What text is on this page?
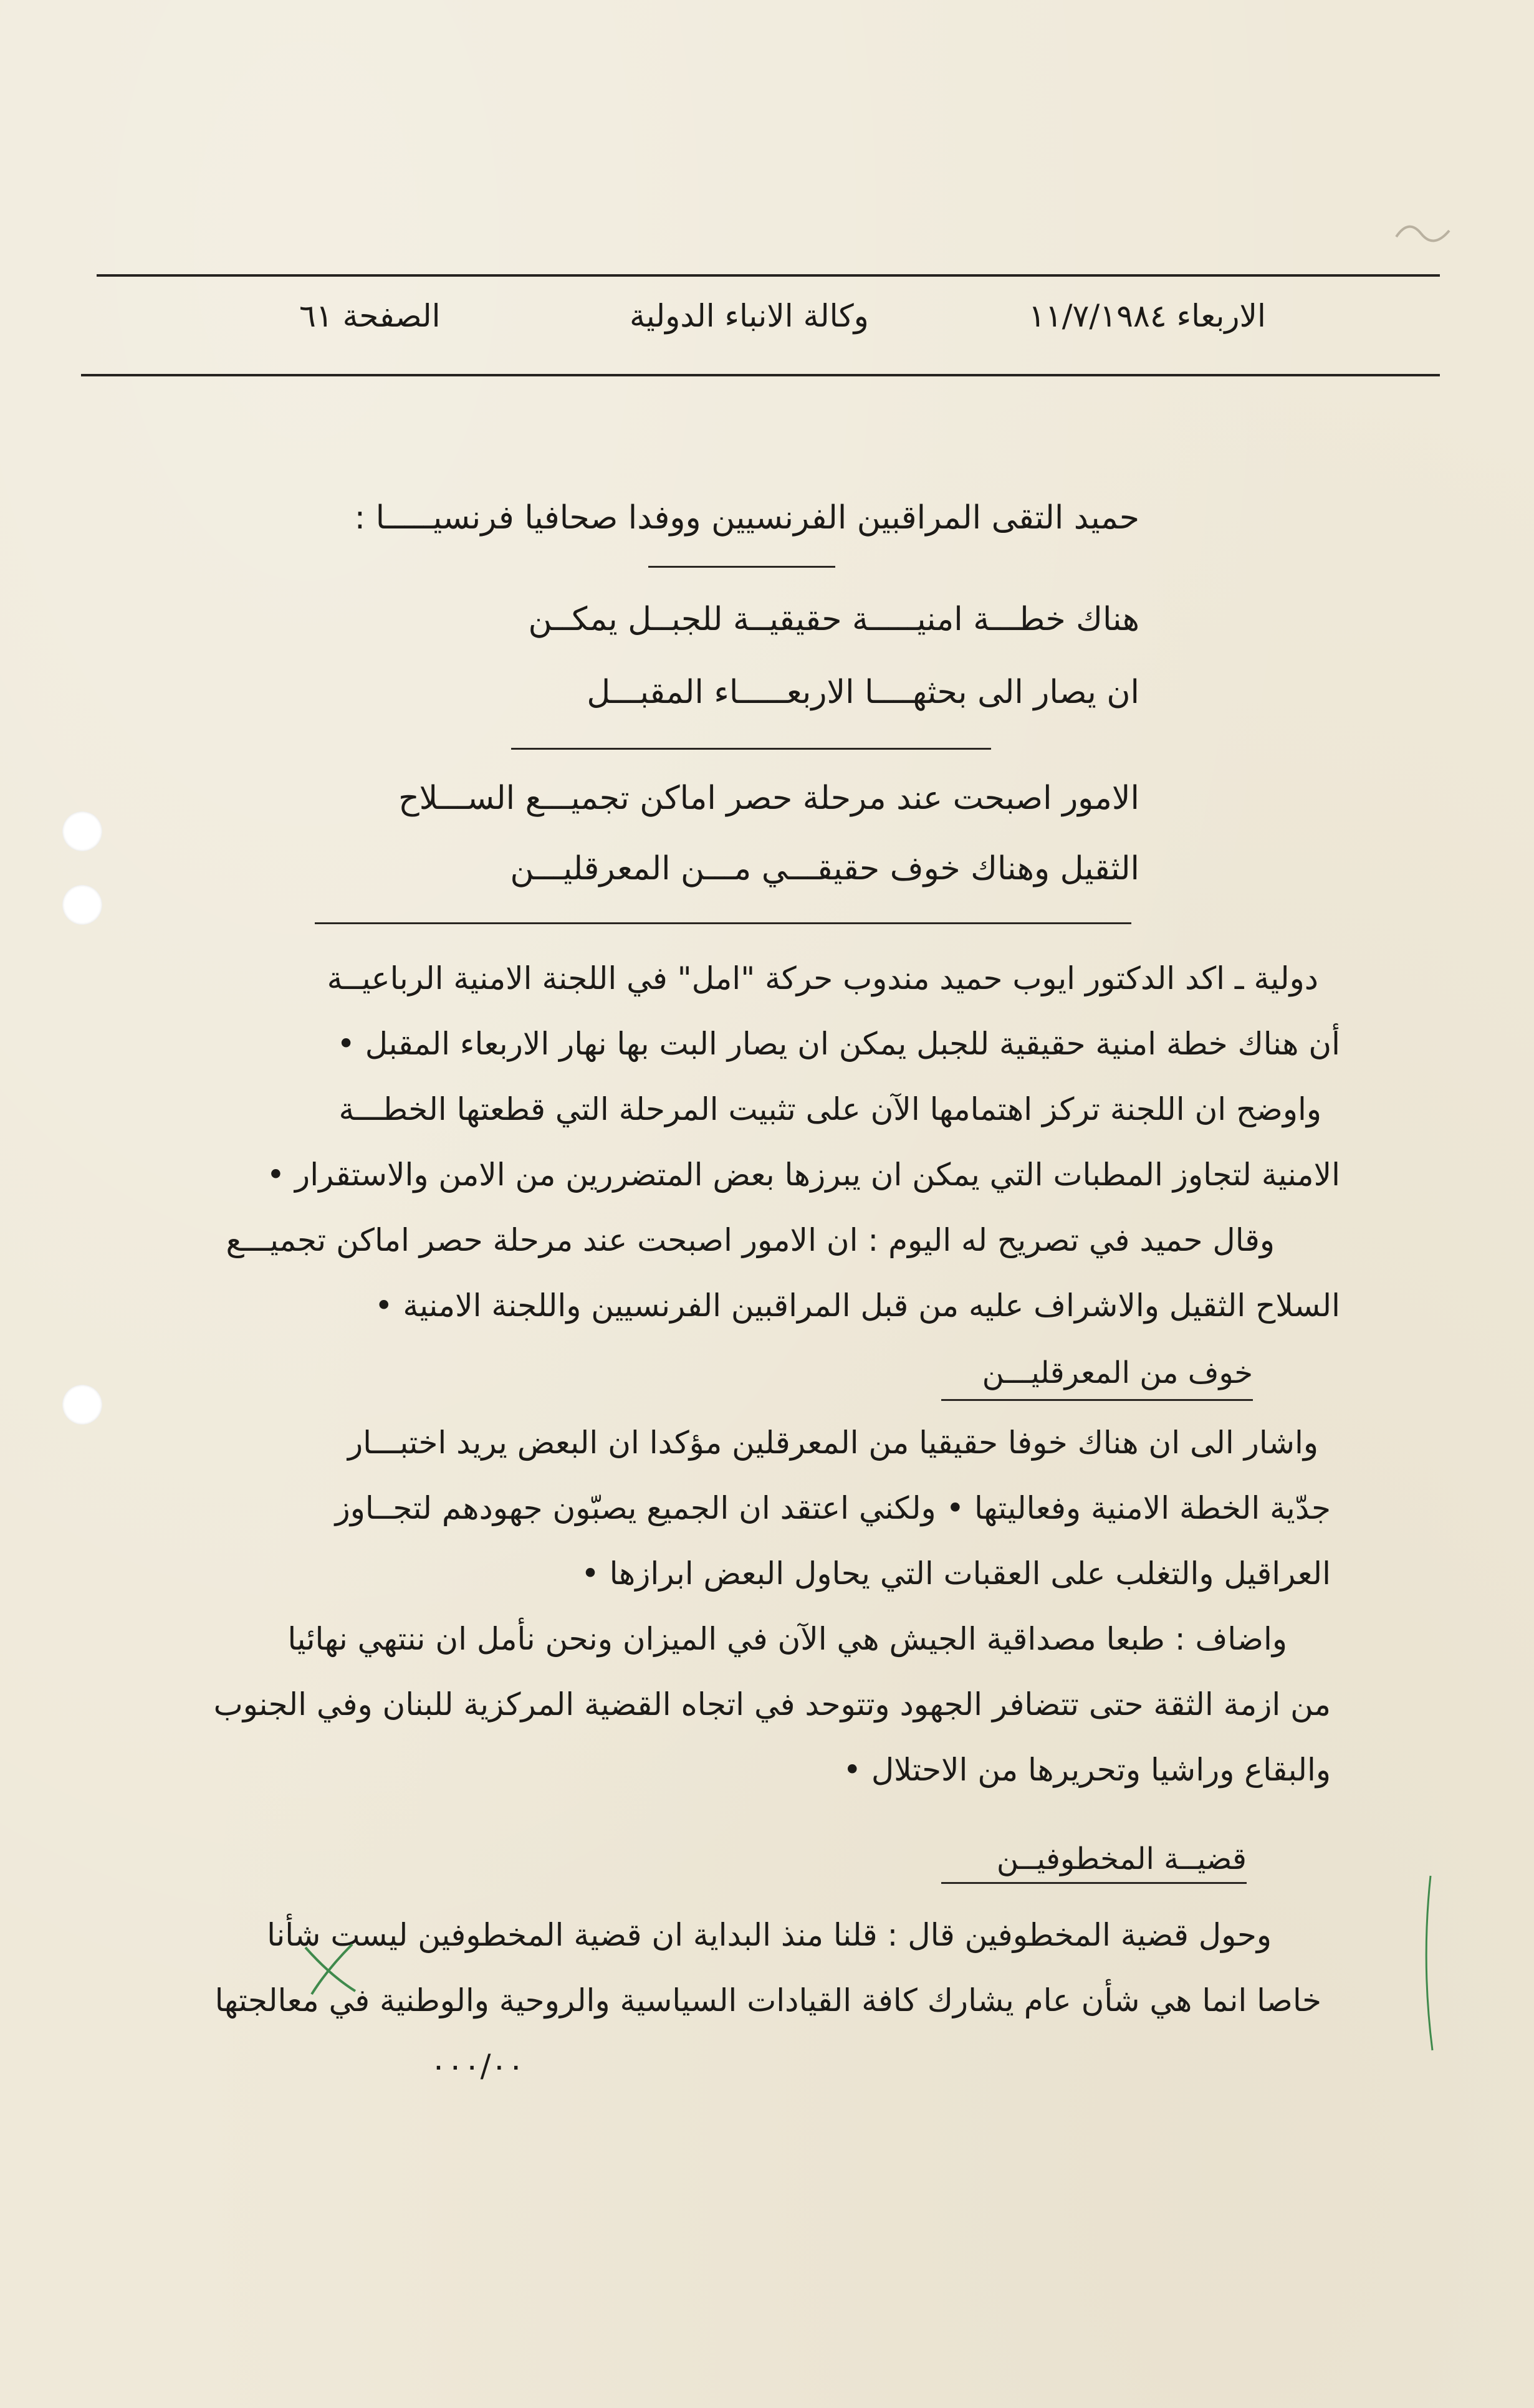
الاربعاء ١١/٧/١٩٨٤
وكالة الانباء الدولية
الصفحة ٦١
حميد التقى المراقبين الفرنسيين ووفدا صحافيا فرنسيـــــا :
هناك خطـــة امنيـــــة حقيقيــة للجبــل يمكــن
ان يصار الى بحثهــــا الاربعـــــاء المقبـــل
الامور اصبحت عند مرحلة حصر اماكن تجميـــع الســـلاح
الثقيل وهناك خوف حقيقـــي مـــن المعرقليـــن
دولية ـ اكد الدكتور ايوب حميد مندوب حركة "امل" في اللجنة الامنية الرباعيــة
أن هناك خطة امنية حقيقية للجبل يمكن ان يصار البت بها نهار الاربعاء المقبل •
واوضح ان اللجنة تركز اهتمامها الآن على تثبيت المرحلة التي قطعتها الخطـــة
الامنية لتجاوز المطبات التي يمكن ان يبرزها بعض المتضررين من الامن والاستقرار •
وقال حميد في تصريح له اليوم : ان الامور اصبحت عند مرحلة حصر اماكن تجميـــع
السلاح الثقيل والاشراف عليه من قبل المراقبين الفرنسيين واللجنة الامنية •
خوف من المعرقليـــن
واشار الى ان هناك خوفا حقيقيا من المعرقلين مؤكدا ان البعض يريد اختبـــار
جدّية الخطة الامنية وفعاليتها • ولكني اعتقد ان الجميع يصبّون جهودهم لتجــاوز
العراقيل والتغلب على العقبات التي يحاول البعض ابرازها •
واضاف : طبعا مصداقية الجيش هي الآن في الميزان ونحن نأمل ان ننتهي نهائيا
من ازمة الثقة حتى تتضافر الجهود وتتوحد في اتجاه القضية المركزية للبنان وفي الجنوب
والبقاع وراشيا وتحريرها من الاحتلال •
قضيــة المخطوفيــن
وحول قضية المخطوفين قال : قلنا منذ البداية ان قضية المخطوفين ليست شأنا
خاصا انما هي شأن عام يشارك كافة القيادات السياسية والروحية والوطنية في معالجتها
٠٠٠/٠٠
